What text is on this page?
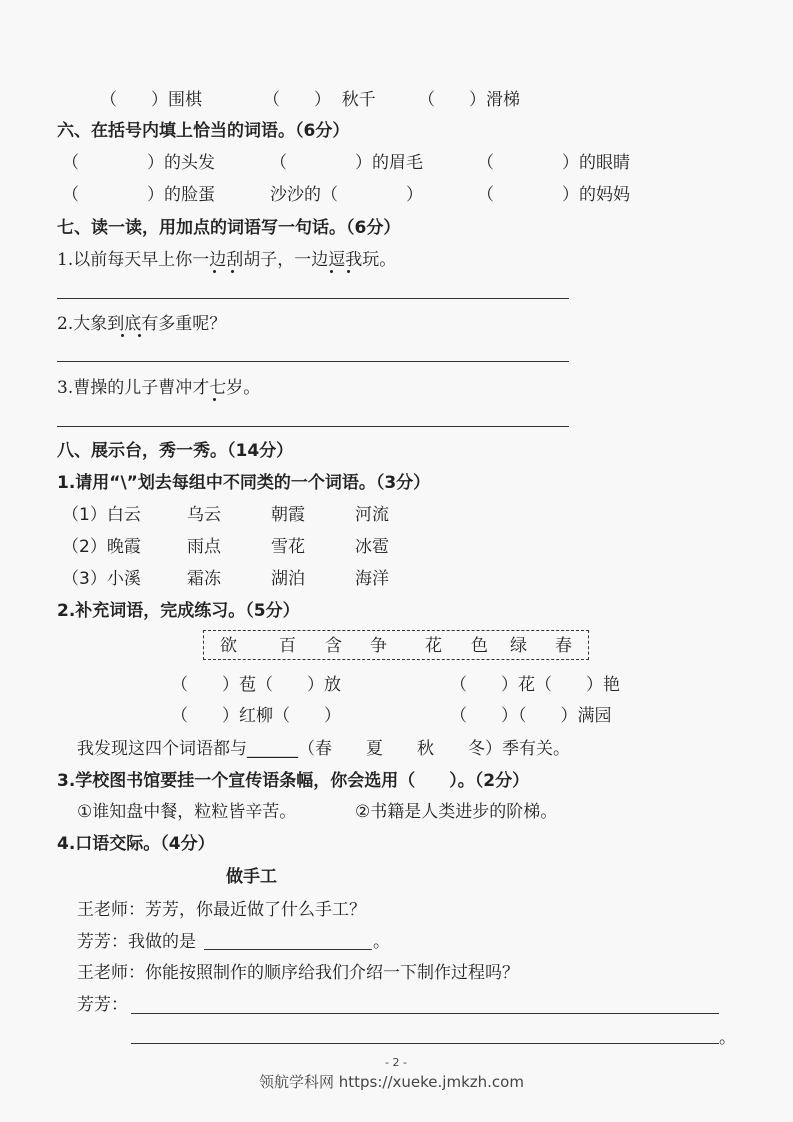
（　　）围棋	（　　）  秋千 （　　）滑梯
六、在括号内填上恰当的词语。（6分）
（　　　　）的头发	（　　　　）的眉毛	（　　　　）的眼睛
（　　　　）的脸蛋	沙沙的（　　　　）	（　　　　）的妈妈
七、读一读，用加点的词语写一句话。（6分）
1.以前每天早上你一边刮胡子，一边逗我玩。
2.大象到底有多重呢？
3.曹操的儿子曹冲才七岁。
八、展示台，秀一秀。（14分）
1.请用“\”划去每组中不同类的一个词语。（3分）
（1）白云	乌云	朝霞	河流
（2）晚霞	雨点	雪花	冰雹
（3）小溪	霜冻	湖泊	海洋
2.补充词语，完成练习。（5分）
欲 百 含 争 花 色 绿 春
（　　）苞（　　）放	（　　）花（　　）艳
（　　）红柳（　　）	（　　）（　　）满园
我发现这四个词语都与______（春　　夏　　秋　　冬）季有关。
3.学校图书馆要挂一个宣传语条幅，你会选用（　　）。（2分）
①谁知盘中餐，粒粒皆辛苦。	②书籍是人类进步的阶梯。
4.口语交际。（4分）
做手工
王老师：芳芳，你最近做了什么手工？
芳芳：我做的是	。
王老师：你能按照制作的顺序给我们介绍一下制作过程吗？
芳芳：
。
- 2 -
领航学科网 https://xueke.jmkzh.com
